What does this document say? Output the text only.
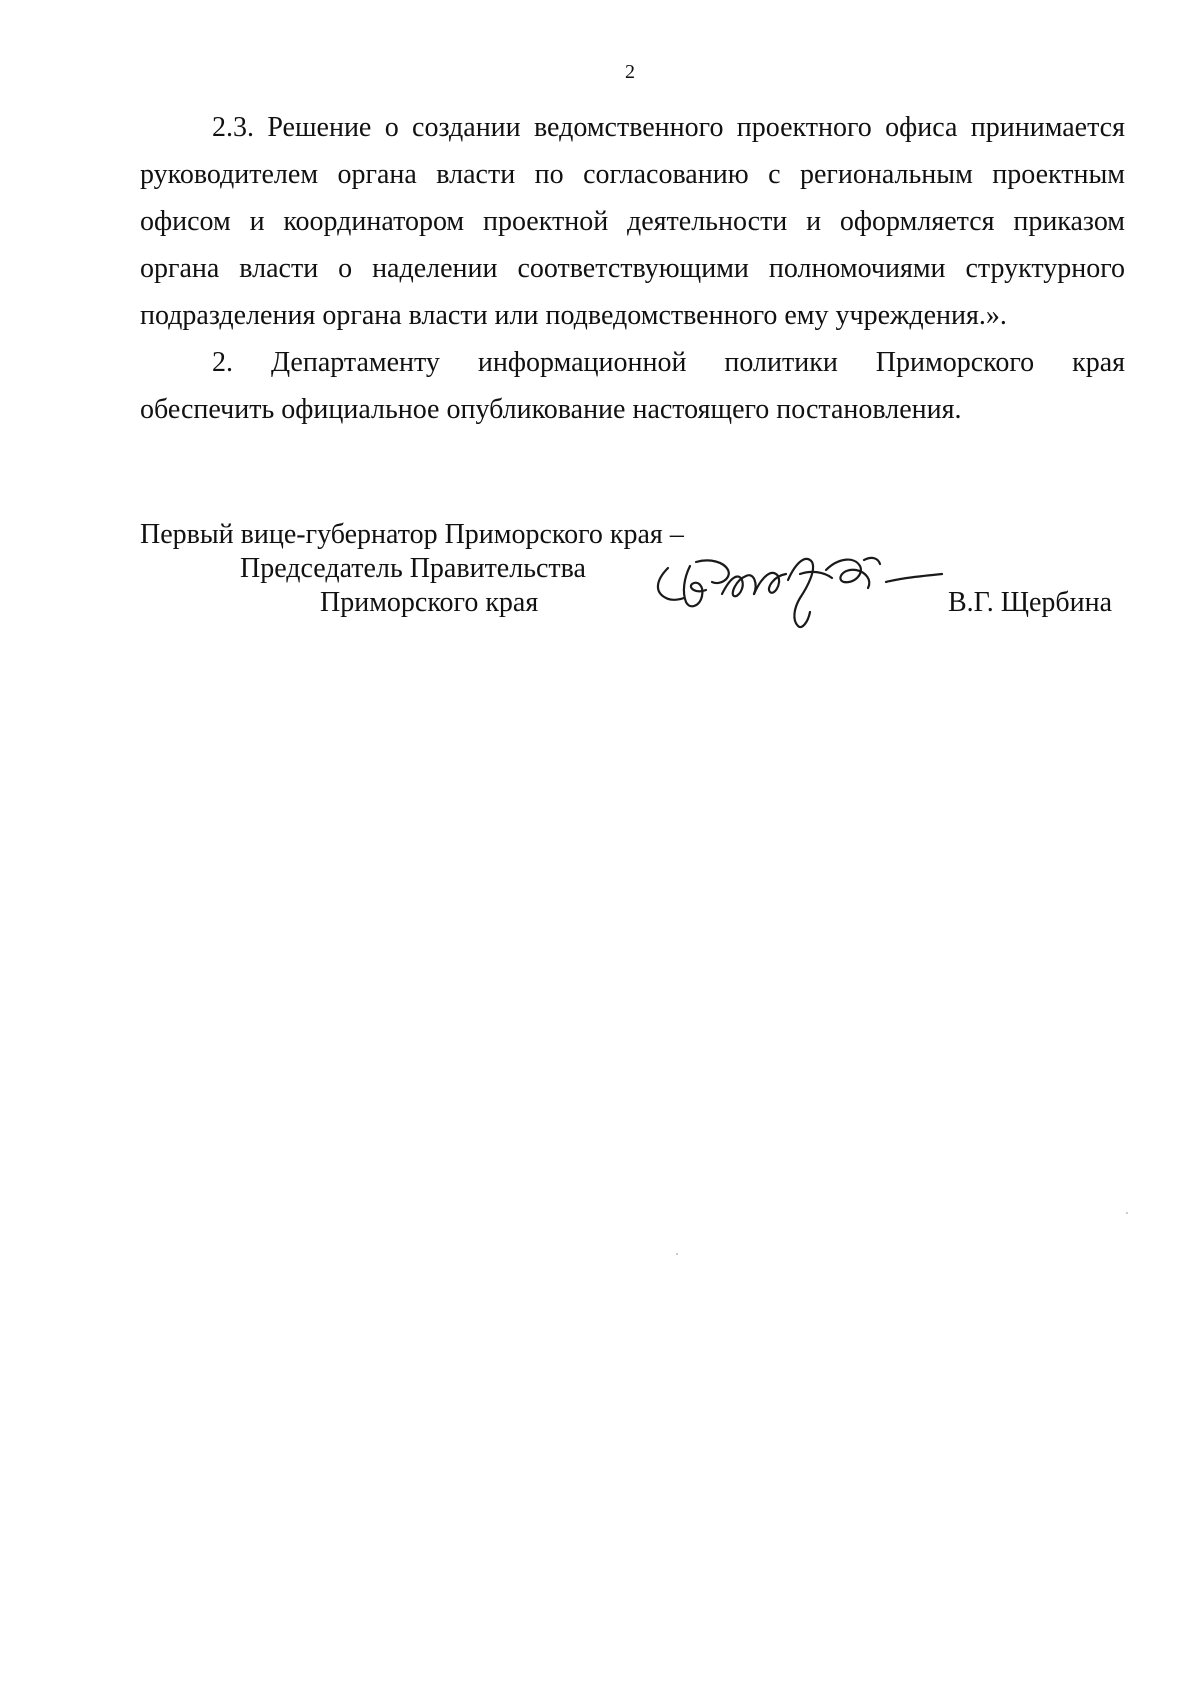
2

2.3. Решение о создании ведомственного проектного офиса принимается руководителем органа власти по согласованию с региональным проектным офисом и координатором проектной деятельности и оформляется приказом органа власти о наделении соответствующими полномочиями структурного подразделения органа власти или подведомственного ему учреждения.».

2. Департаменту информационной политики Приморского края
обеспечить официальное опубликование настоящего постановления.

Первый вице-губернатор Приморского края –
Председатель Правительства
Приморского края	В.Г. Щербина
